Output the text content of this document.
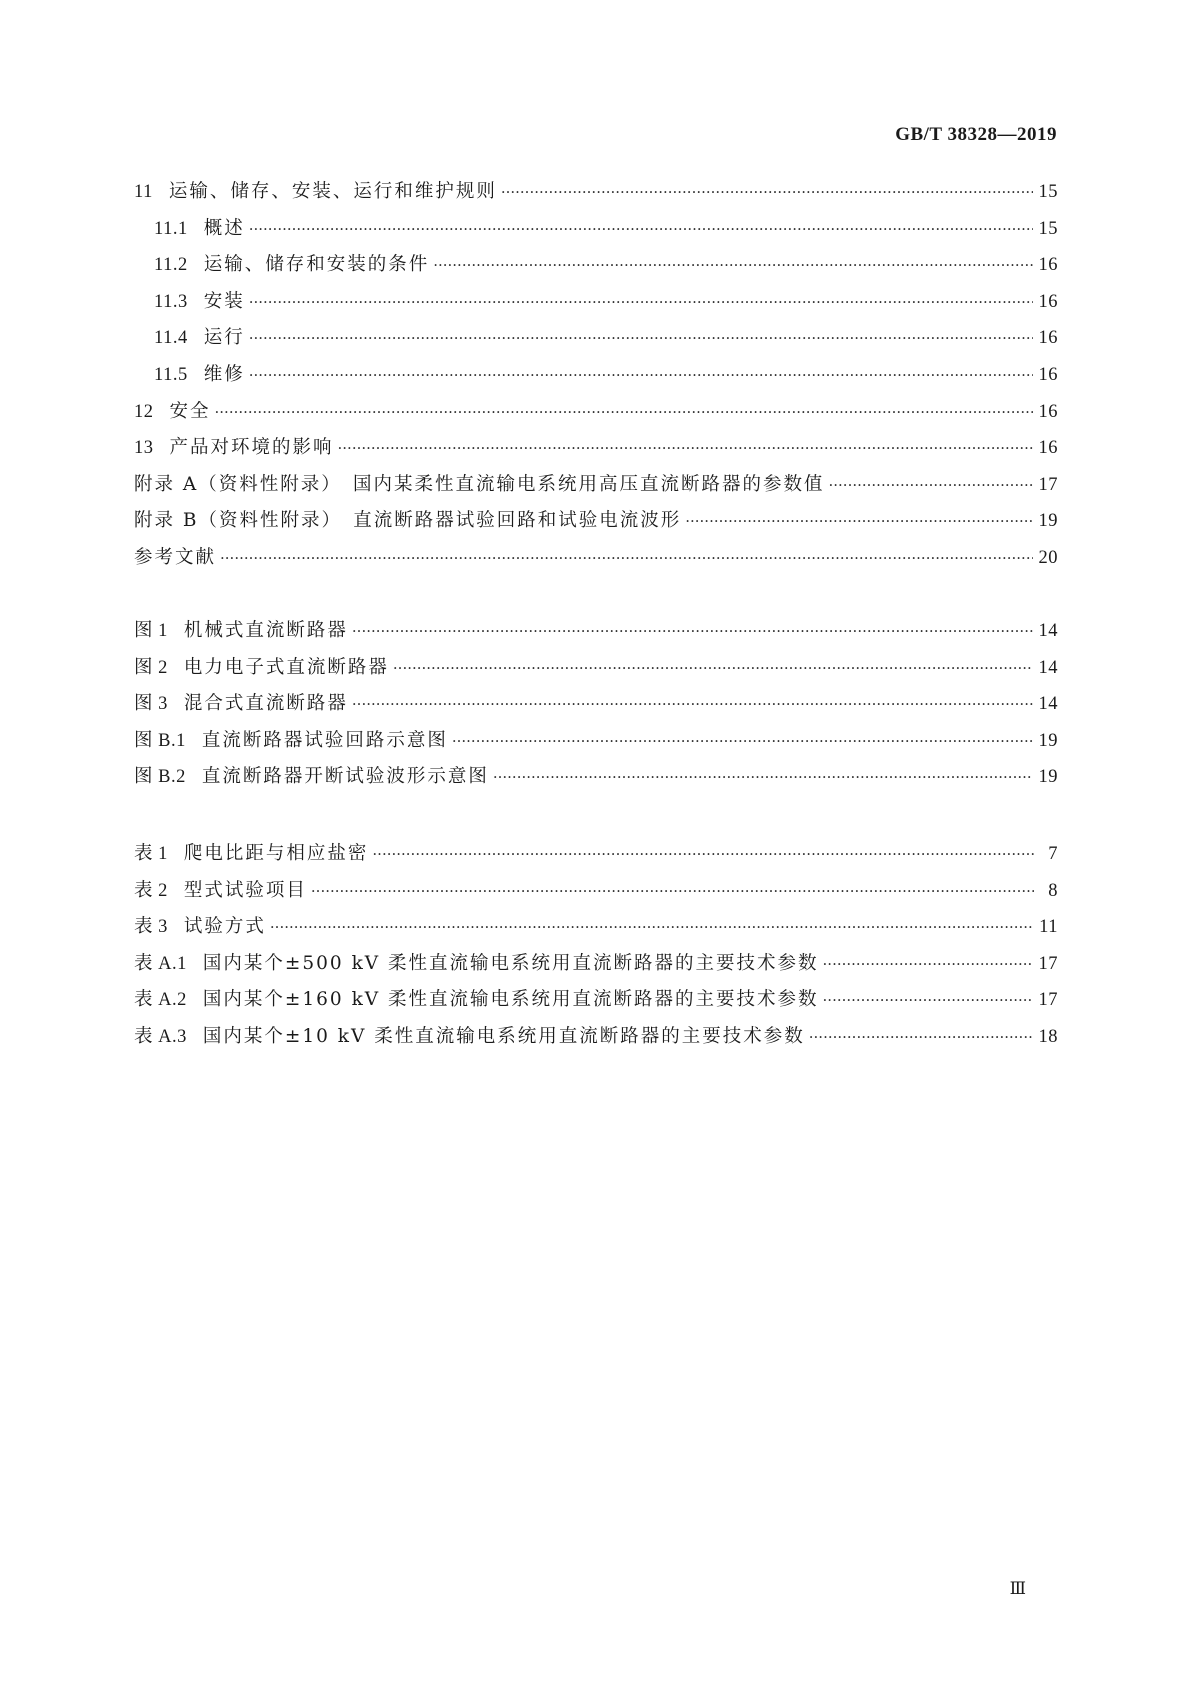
GB/T 38328—2019
11 运输、储存、安装、运行和维护规则 ·····	15
11.1 概述 ·····	15
11.2 运输、储存和安装的条件 ·····	16
11.3 安装 ·····	16
11.4 运行 ·····	16
11.5 维修 ·····	16
12 安全 ·····	16
13 产品对环境的影响 ·····	16
附录 A（资料性附录）　国内某柔性直流输电系统用高压直流断路器的参数值 ·····	17
附录 B（资料性附录）　直流断路器试验回路和试验电流波形 ·····	19
参考文献 ·····	20
图 1 机械式直流断路器 ·····	14
图 2 电力电子式直流断路器 ·····	14
图 3 混合式直流断路器 ·····	14
图 B.1 直流断路器试验回路示意图 ·····	19
图 B.2 直流断路器开断试验波形示意图 ·····	19
表 1 爬电比距与相应盐密 ·····	7
表 2 型式试验项目 ·····	8
表 3 试验方式 ·····	11
表 A.1 国内某个±500 kV 柔性直流输电系统用直流断路器的主要技术参数 ·····	17
表 A.2 国内某个±160 kV 柔性直流输电系统用直流断路器的主要技术参数 ·····	17
表 A.3 国内某个±10 kV 柔性直流输电系统用直流断路器的主要技术参数 ·····	18
Ⅲ
